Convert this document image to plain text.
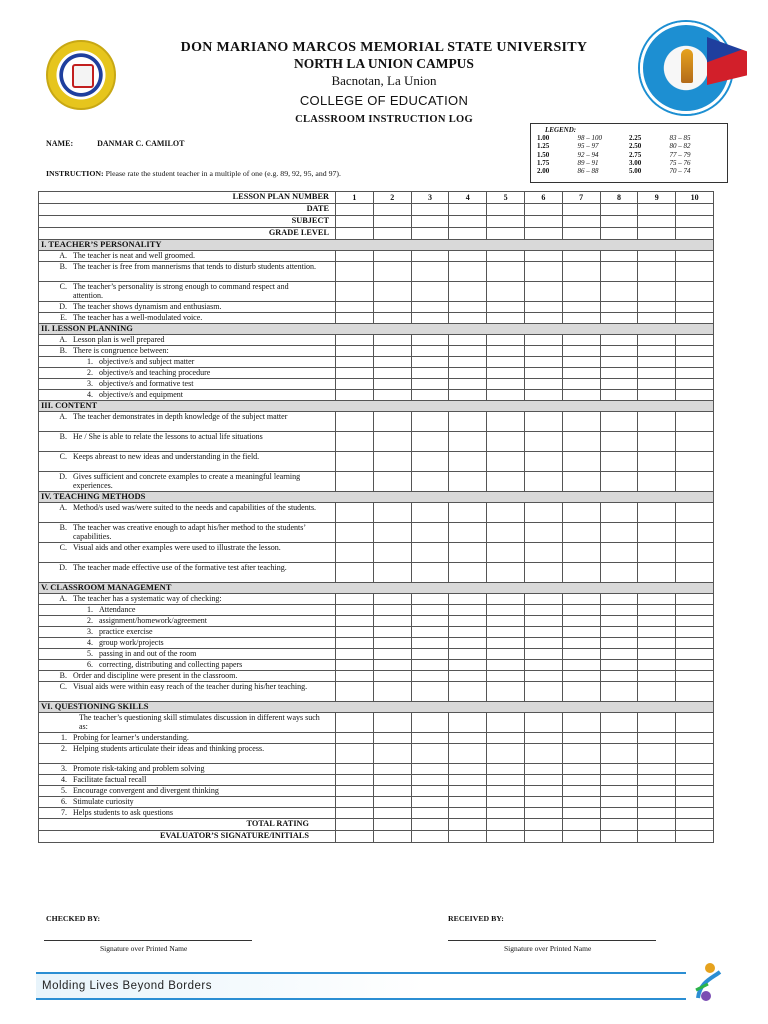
DON MARIANO MARCOS MEMORIAL STATE UNIVERSITY
NORTH LA UNION CAMPUS
Bacnotan, La Union
COLLEGE OF EDUCATION
CLASSROOM INSTRUCTION LOG
NAME:	DANMAR C. CAMILOT
INSTRUCTION: Please rate the student teacher in a multiple of one (e.g. 89, 92, 95, and 97).
LEGEND:
1.00	98 – 100	2.25	83 – 85
1.25	95 – 97	2.50	80 – 82
1.50	92 – 94	2.75	77 – 79
1.75	89 – 91	3.00	75 – 76
2.00	86 – 88	5.00	70 – 74
LESSON PLAN NUMBER	1	2	3	4	5	6	7	8	9	10
DATE										
SUBJECT										
GRADE LEVEL										
I. TEACHER’S PERSONALITY										
A. The teacher is neat and well groomed.										
B. The teacher is free from mannerisms that tends to disturb students attention.										
C. The teacher’s personality is strong enough to command respect and attention.										
D. The teacher shows dynamism and enthusiasm.										
E. The teacher has a well-modulated voice.										
II. LESSON PLANNING										
A. Lesson plan is well prepared										
B. There is congruence between:										
1. objective/s and subject matter										
2. objective/s and teaching procedure										
3. objective/s and formative test										
4. objective/s and equipment										
III. CONTENT										
A. The teacher demonstrates in depth knowledge of the subject matter										
B. He / She is able to relate the lessons to actual life situations										
C. Keeps abreast to new ideas and understanding in the field.										
D. Gives sufficient and concrete examples to create a meaningful learning experiences.										
IV. TEACHING METHODS										
A. Method/s used was/were suited to the needs and capabilities of the students.										
B. The teacher was creative enough to adapt his/her method to the students’ capabilities.										
C. Visual aids and other examples were used to illustrate the lesson.										
D. The teacher made effective use of the formative test after teaching.										
V. CLASSROOM MANAGEMENT										
A. The teacher has a systematic way of checking:										
1. Attendance										
2. assignment/homework/agreement										
3. practice exercise										
4. group work/projects										
5. passing in and out of the room										
6. correcting, distributing and collecting papers										
B. Order and discipline were present in the classroom.										
C. Visual aids were within easy reach of the teacher during his/her teaching.										
VI. QUESTIONING SKILLS										
The teacher’s questioning skill stimulates discussion in different ways such as:										
1. Probing for learner’s understanding.										
2. Helping students articulate their ideas and thinking process.										
3. Promote risk-taking and problem solving										
4. Facilitate factual recall										
5. Encourage convergent and divergent thinking										
6. Stimulate curiosity										
7. Helps students to ask questions										
TOTAL RATING										
EVALUATOR’S SIGNATURE/INITIALS										
CHECKED BY:	RECEIVED BY:
Signature over Printed Name	Signature over Printed Name
Molding Lives Beyond Borders
